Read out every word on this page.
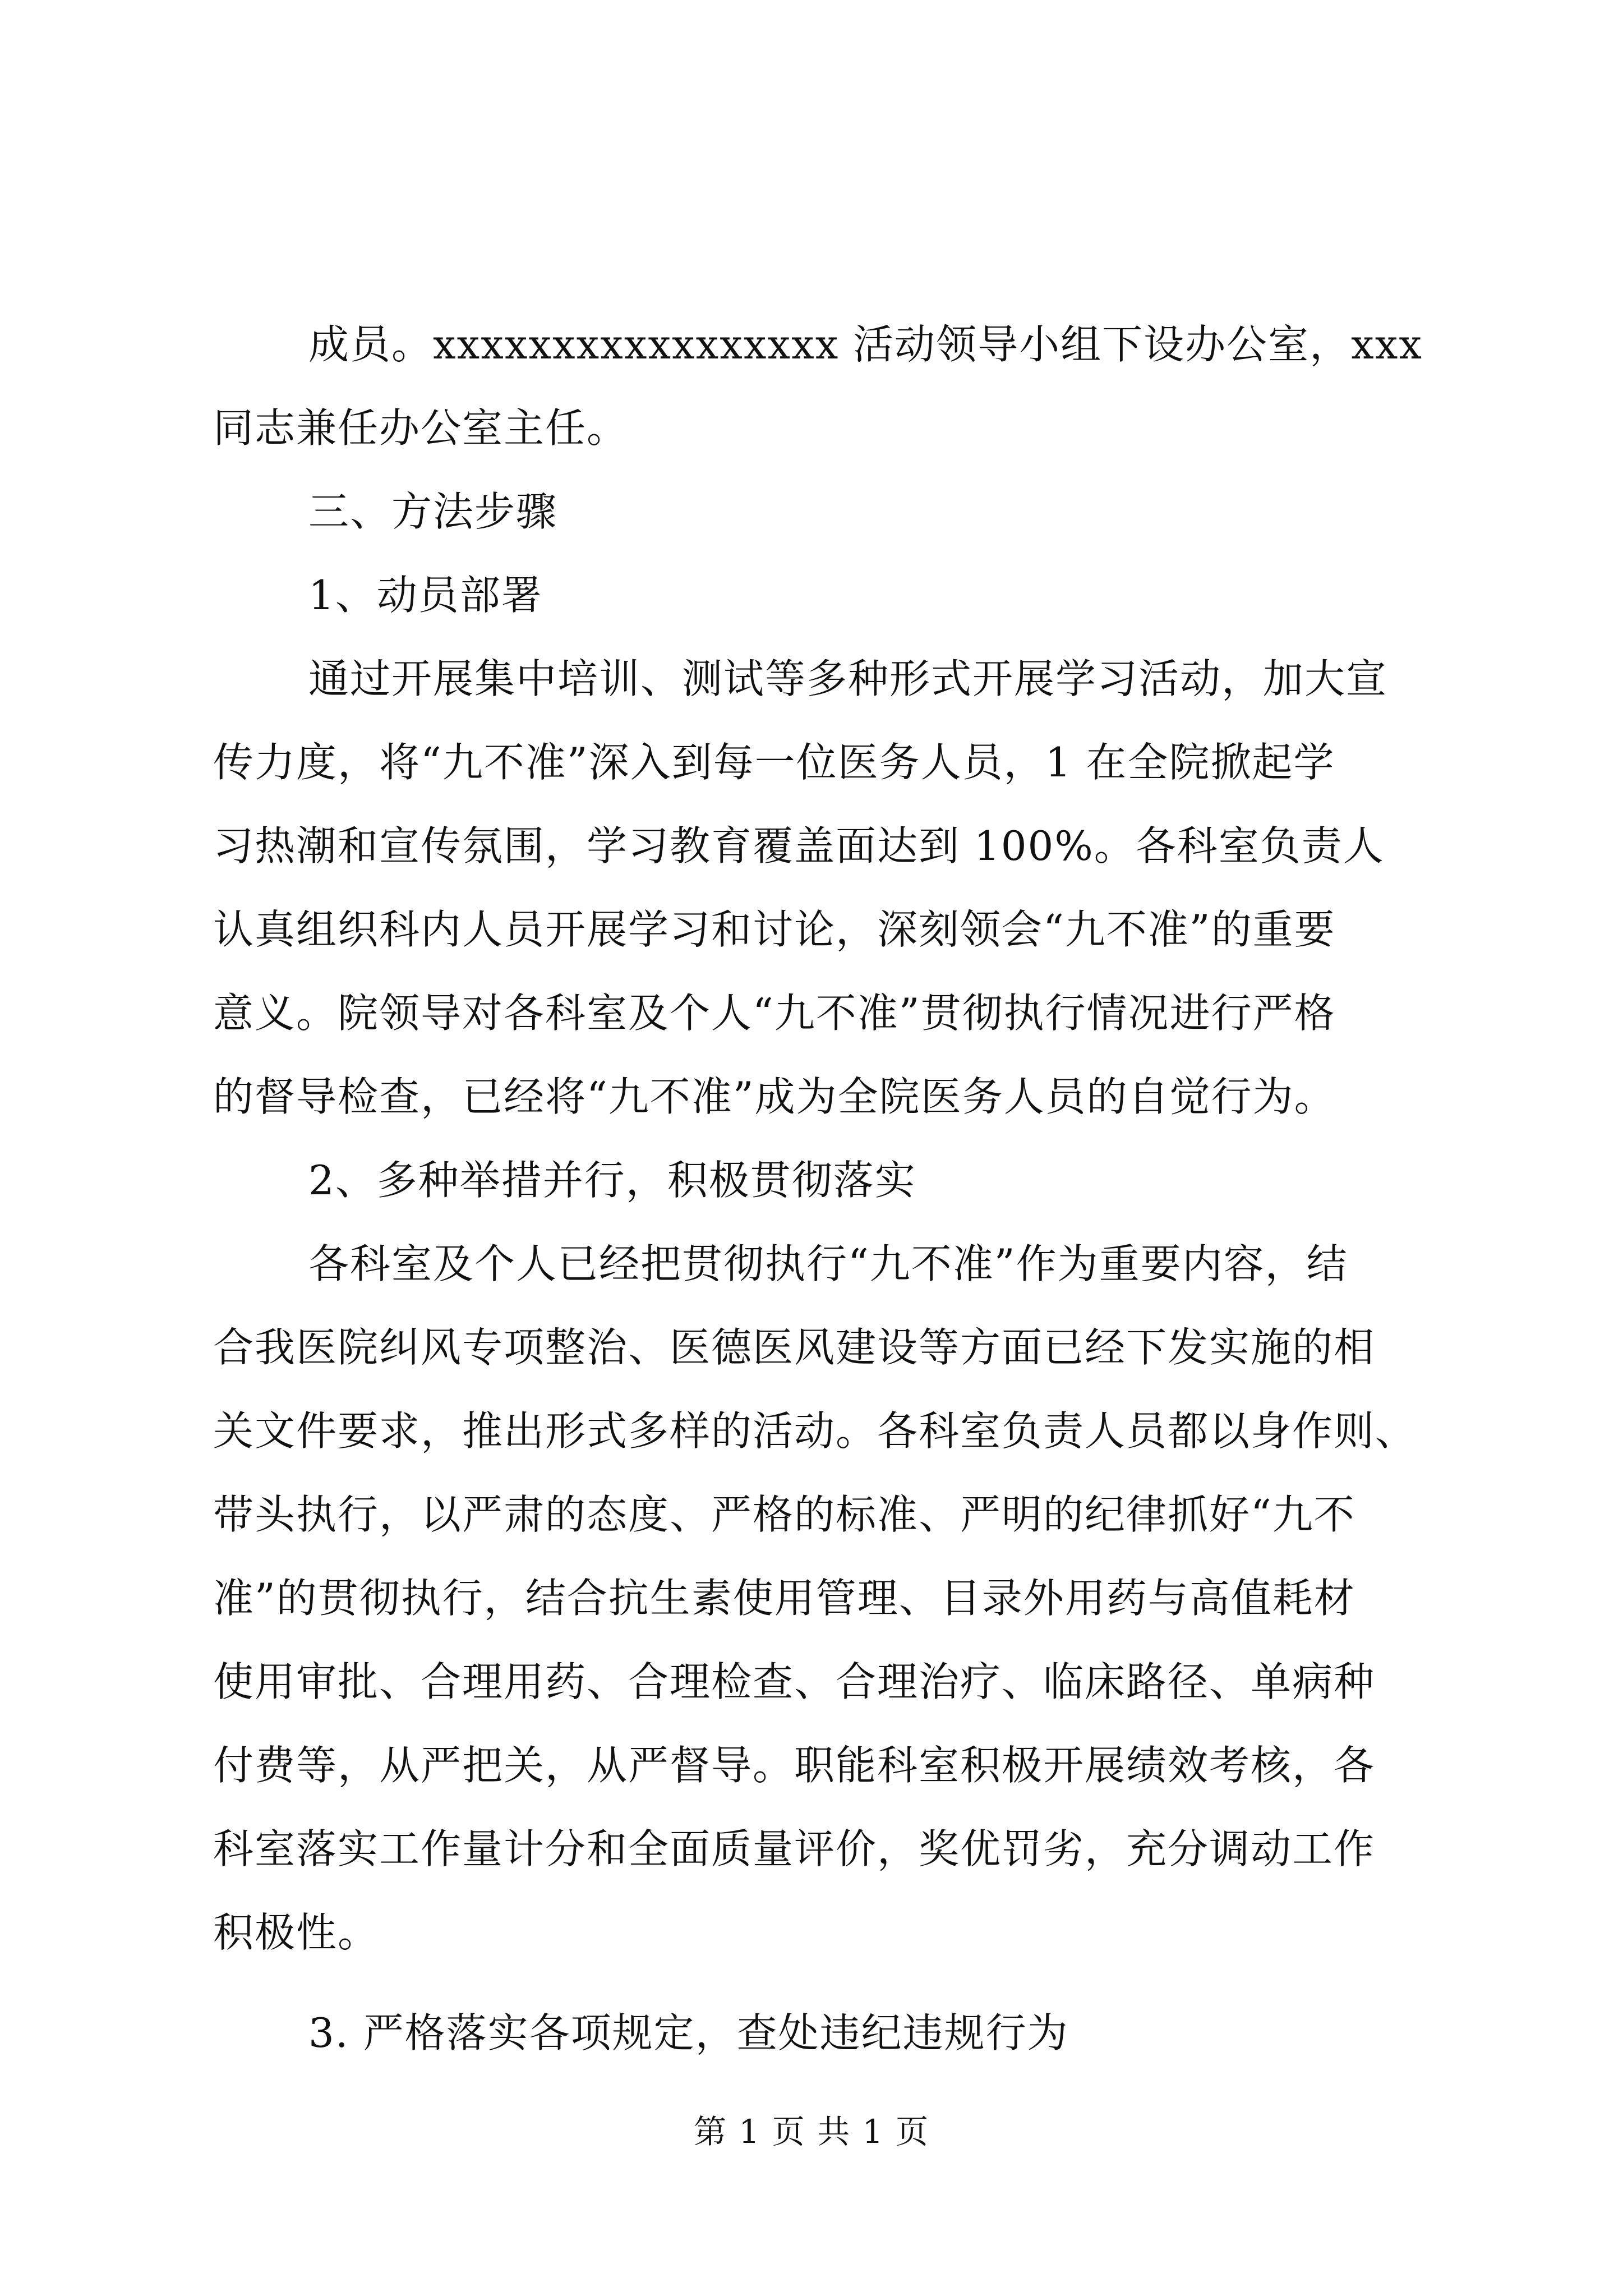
成员。xxxxxxxxxxxxxxxxx 活动领导小组下设办公室，xxx
同志兼任办公室主任。
三、方法步骤
1、动员部署
通过开展集中培训、测试等多种形式开展学习活动，加大宣
传力度，将“九不准”深入到每一位医务人员，1 在全院掀起学
习热潮和宣传氛围，学习教育覆盖面达到 100%。各科室负责人
认真组织科内人员开展学习和讨论，深刻领会“九不准”的重要
意义。院领导对各科室及个人“九不准”贯彻执行情况进行严格
的督导检查，已经将“九不准”成为全院医务人员的自觉行为。
2、多种举措并行，积极贯彻落实
各科室及个人已经把贯彻执行“九不准”作为重要内容，结
合我医院纠风专项整治、医德医风建设等方面已经下发实施的相
关文件要求，推出形式多样的活动。各科室负责人员都以身作则、
带头执行，以严肃的态度、严格的标准、严明的纪律抓好“九不
准”的贯彻执行，结合抗生素使用管理、目录外用药与高值耗材
使用审批、合理用药、合理检查、合理治疗、临床路径、单病种
付费等，从严把关，从严督导。职能科室积极开展绩效考核，各
科室落实工作量计分和全面质量评价，奖优罚劣，充分调动工作
积极性。
3. 严格落实各项规定，查处违纪违规行为
第 1 页 共 1 页
